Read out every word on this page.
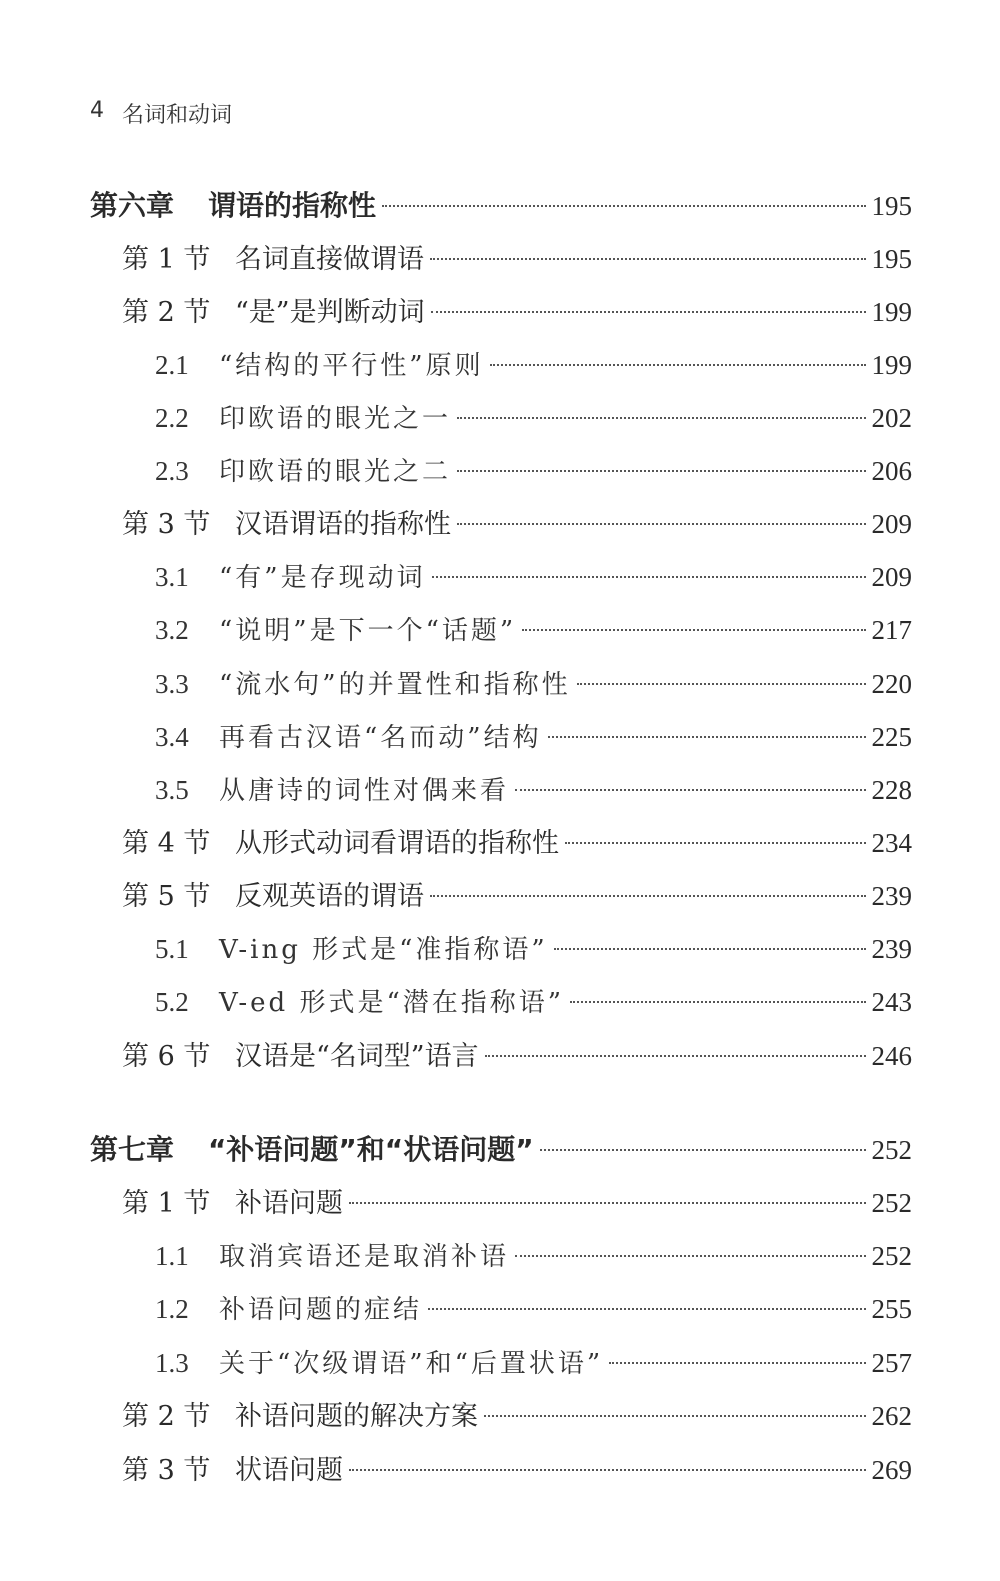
4 名词和动词
第六章	谓语的指称性	195
第 1 节 名词直接做谓语	195
第 2 节 “是”是判断动词	199
2.1	“结构的平行性”原则	199
2.2	印欧语的眼光之一	202
2.3	印欧语的眼光之二	206
第 3 节 汉语谓语的指称性	209
3.1	“有”是存现动词	209
3.2	“说明”是下一个“话题”	217
3.3	“流水句”的并置性和指称性	220
3.4	再看古汉语“名而动”结构	225
3.5	从唐诗的词性对偶来看	228
第 4 节 从形式动词看谓语的指称性	234
第 5 节 反观英语的谓语	239
5.1	V-ing 形式是“准指称语”	239
5.2	V-ed 形式是“潜在指称语”	243
第 6 节 汉语是“名词型”语言	246
第七章	“补语问题”和“状语问题”	252
第 1 节 补语问题	252
1.1	取消宾语还是取消补语	252
1.2	补语问题的症结	255
1.3	关于“次级谓语”和“后置状语”	257
第 2 节 补语问题的解决方案	262
第 3 节 状语问题	269
